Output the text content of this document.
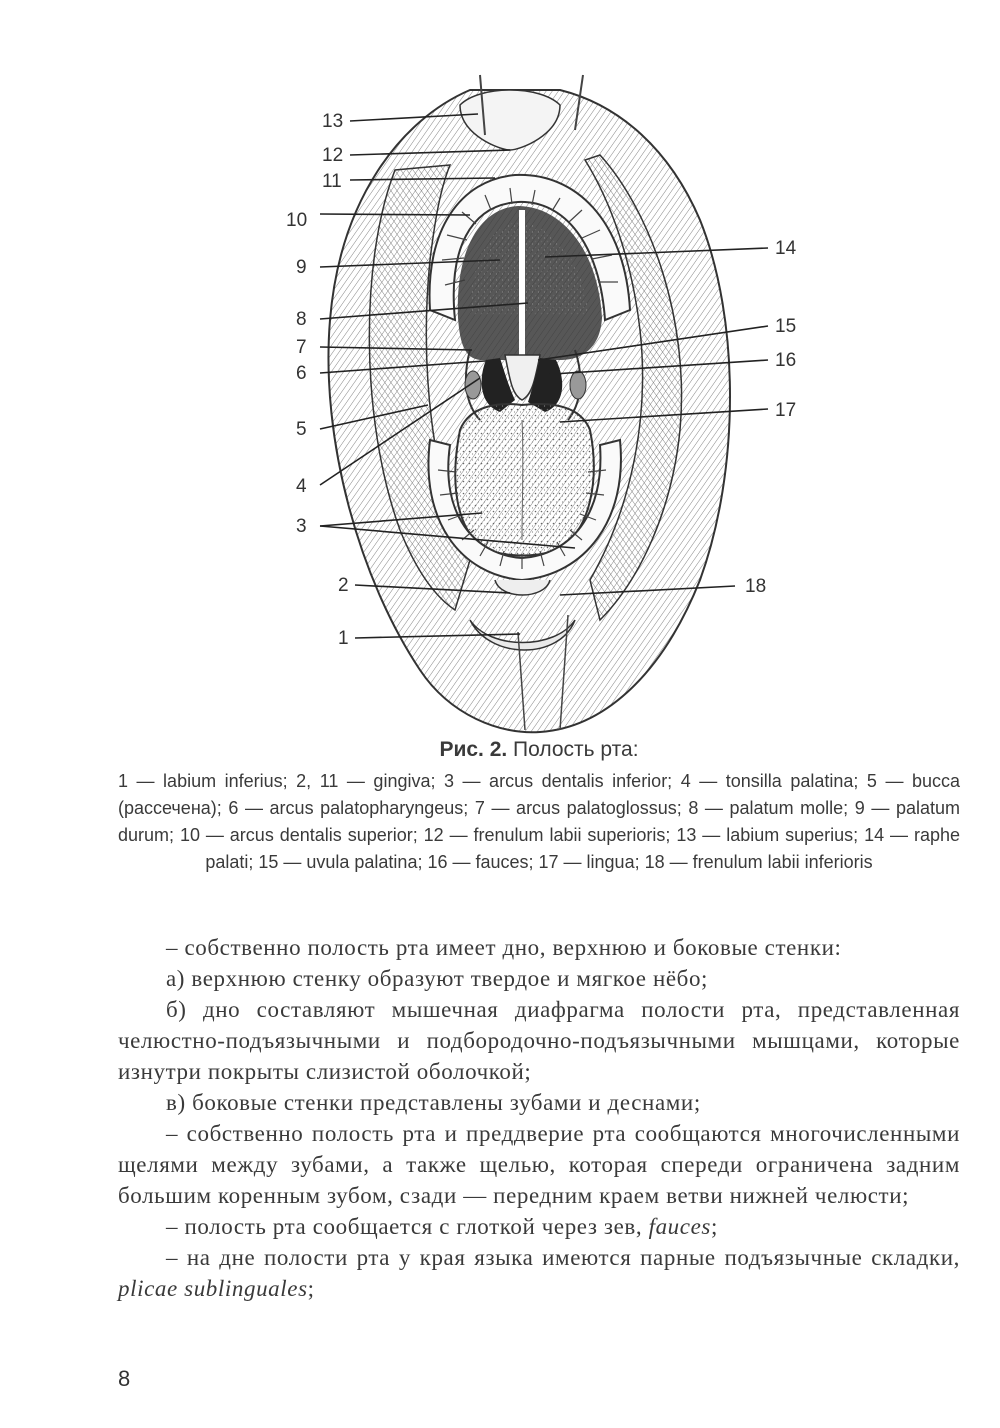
13
12
11
10
9
8
7
6
5
4
3
2
1
14
15
16
17
18

Рис. 2. Полость рта:

1 — labium inferius; 2, 11 — gingiva; 3 — arcus dentalis inferior; 4 — tonsilla palatina; 5 — bucca (рассечена); 6 — arcus palatopharyngeus; 7 — arcus palatoglossus; 8 — palatum molle; 9 — palatum durum; 10 — arcus dentalis superior; 12 — frenulum labii superioris; 13 — labium superius; 14 — raphe palati; 15 — uvula palatina; 16 — fauces; 17 — lingua; 18 — frenulum labii inferioris

– собственно полость рта имеет дно, верхнюю и боковые стенки:

а) верхнюю стенку образуют твердое и мягкое нёбо;

б) дно составляют мышечная диафрагма полости рта, представленная челюстно-подъязычными и подбородочно-подъязычными мышцами, которые изнутри покрыты слизистой оболочкой;

в) боковые стенки представлены зубами и деснами;

– собственно полость рта и преддверие рта сообщаются многочисленными щелями между зубами, а также щелью, которая спереди ограничена задним большим коренным зубом, сзади — передним краем ветви нижней челюсти;

– полость рта сообщается с глоткой через зев, fauces;

– на дне полости рта у края языка имеются парные подъязычные складки, plicae sublinguales;

8
